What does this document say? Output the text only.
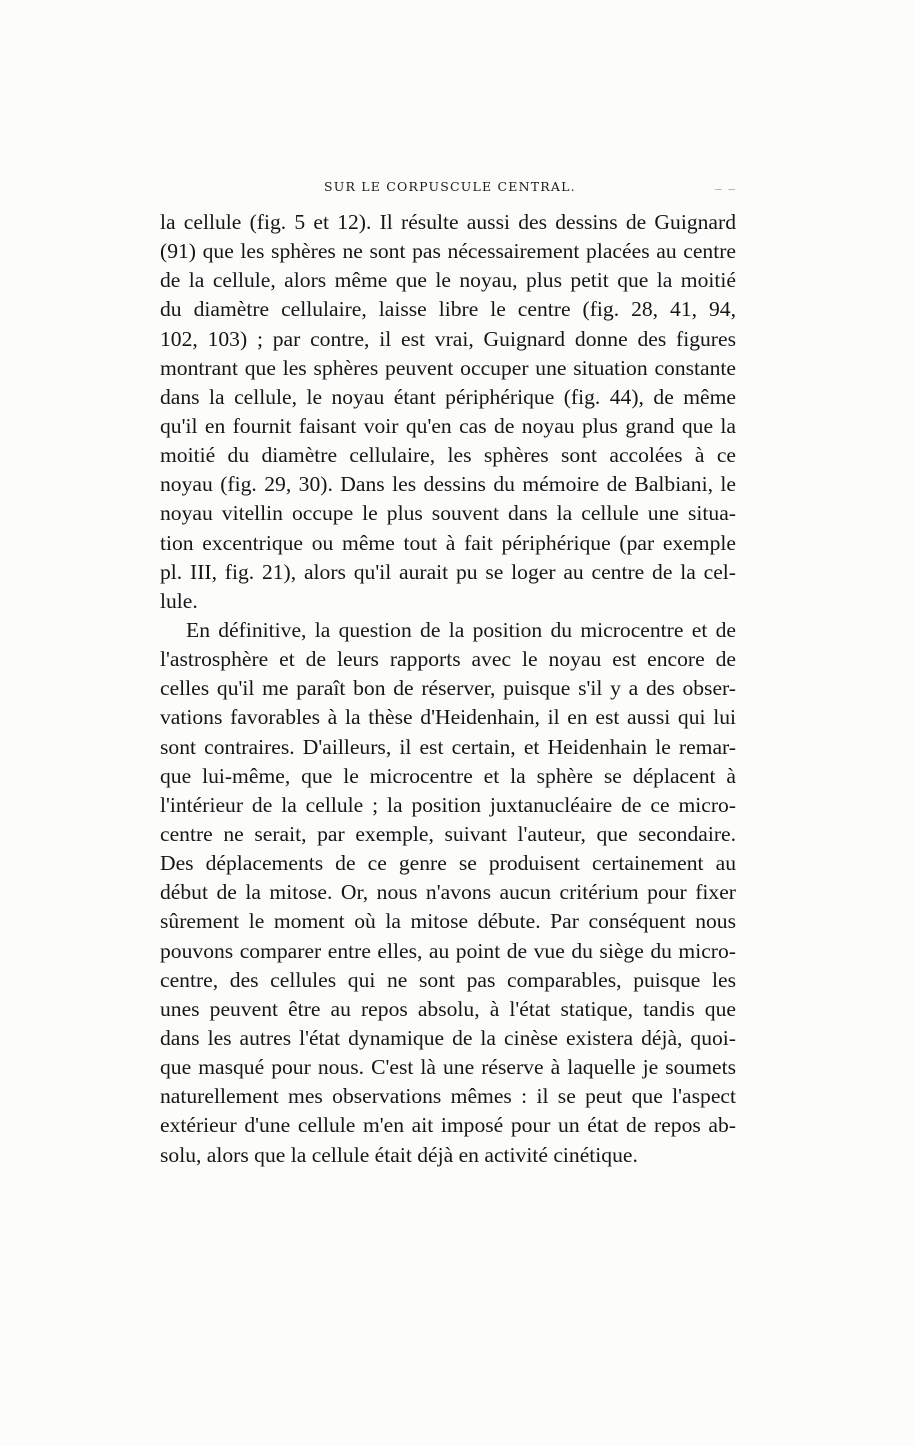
SUR LE CORPUSCULE CENTRAL.	_ _
la cellule (fig. 5 et 12). Il résulte aussi des dessins de Guignard
(91) que les sphères ne sont pas nécessairement placées au centre
de la cellule, alors même que le noyau, plus petit que la moitié
du diamètre cellulaire, laisse libre le centre (fig. 28, 41, 94,
102, 103) ; par contre, il est vrai, Guignard donne des figures
montrant que les sphères peuvent occuper une situation constante
dans la cellule, le noyau étant périphérique (fig. 44), de même
qu'il en fournit faisant voir qu'en cas de noyau plus grand que la
moitié du diamètre cellulaire, les sphères sont accolées à ce
noyau (fig. 29, 30). Dans les dessins du mémoire de Balbiani, le
noyau vitellin occupe le plus souvent dans la cellule une situa-
tion excentrique ou même tout à fait périphérique (par exemple
pl. III, fig. 21), alors qu'il aurait pu se loger au centre de la cel-
lule.
En définitive, la question de la position du microcentre et de
l'astrosphère et de leurs rapports avec le noyau est encore de
celles qu'il me paraît bon de réserver, puisque s'il y a des obser-
vations favorables à la thèse d'Heidenhain, il en est aussi qui lui
sont contraires. D'ailleurs, il est certain, et Heidenhain le remar-
que lui-même, que le microcentre et la sphère se déplacent à
l'intérieur de la cellule ; la position juxtanucléaire de ce micro-
centre ne serait, par exemple, suivant l'auteur, que secondaire.
Des déplacements de ce genre se produisent certainement au
début de la mitose. Or, nous n'avons aucun critérium pour fixer
sûrement le moment où la mitose débute. Par conséquent nous
pouvons comparer entre elles, au point de vue du siège du micro-
centre, des cellules qui ne sont pas comparables, puisque les
unes peuvent être au repos absolu, à l'état statique, tandis que
dans les autres l'état dynamique de la cinèse existera déjà, quoi-
que masqué pour nous. C'est là une réserve à laquelle je soumets
naturellement mes observations mêmes : il se peut que l'aspect
extérieur d'une cellule m'en ait imposé pour un état de repos ab-
solu, alors que la cellule était déjà en activité cinétique.
